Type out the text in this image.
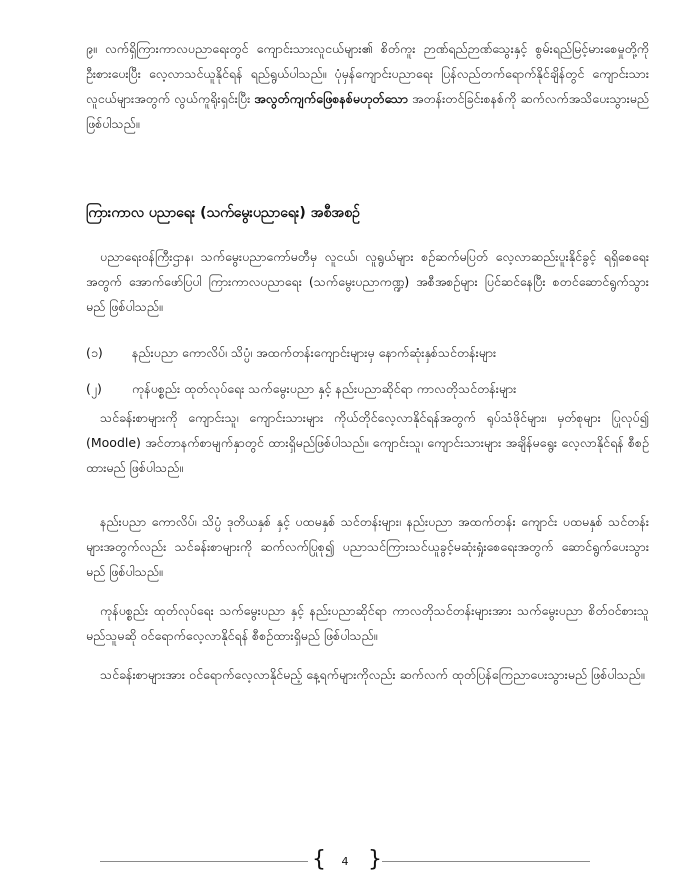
၉။ လက်ရှိကြားကာလပညာရေးတွင် ကျောင်းသားလူငယ်များ၏ စိတ်ကူး ဉာဏ်ရည်ဉာဏ်သွေးနှင့် စွမ်းရည်မြင့်မားစေမှုတို့ကို ဦးစားပေးပြီး လေ့လာသင်ယူနိုင်ရန် ရည်ရွယ်ပါသည်။ ပုံမှန်ကျောင်းပညာရေး ပြန်လည်တက်ရောက်နိုင်ချိန်တွင် ကျောင်းသားလူငယ်များအတွက် လွယ်ကူရိုးရှင်းပြီး အလွတ်ကျက်ဖြေစနစ်မဟုတ်သော အတန်းတင်ခြင်းစနစ်ကို ဆက်လက်အသိပေးသွားမည် ဖြစ်ပါသည်။

ကြားကာလ ပညာရေး (သက်မွေးပညာရေး) အစီအစဉ်

ပညာရေးဝန်ကြီးဌာန၊ သက်မွေးပညာကော်မတီမှ လူငယ်၊ လူရွယ်များ စဉ်ဆက်မပြတ် လေ့လာဆည်းပူးနိုင်ခွင့် ရရှိစေရေးအတွက် အောက်ဖော်ပြပါ ကြားကာလပညာရေး (သက်မွေးပညာကဏ္ဍ) အစီအစဉ်များ ပြင်ဆင်နေပြီး စတင်ဆောင်ရွက်သွားမည် ဖြစ်ပါသည်။

(၁)	နည်းပညာ ကောလိပ်၊ သိပ္ပံ၊ အထက်တန်းကျောင်းများမှ နောက်ဆုံးနှစ်သင်တန်းများ
(၂)	ကုန်ပစ္စည်း ထုတ်လုပ်ရေး သက်မွေးပညာ နှင့် နည်းပညာဆိုင်ရာ ကာလတိုသင်တန်းများ

သင်ခန်းစာများကို ကျောင်းသူ၊ ကျောင်းသားများ ကိုယ်တိုင်လေ့လာနိုင်ရန်အတွက် ရုပ်သံဖိုင်များ၊ မှတ်စုများ ပြုလုပ်၍ (Moodle) အင်တာနက်စာမျက်နှာတွင် ထားရှိမည်ဖြစ်ပါသည်။ ကျောင်းသူ၊ ကျောင်းသားများ အချိန်မရွေး လေ့လာနိုင်ရန် စီစဉ်ထားမည် ဖြစ်ပါသည်။

နည်းပညာ ကောလိပ်၊ သိပ္ပံ ဒုတိယနှစ် နှင့် ပထမနှစ် သင်တန်းများ၊ နည်းပညာ အထက်တန်း ကျောင်း ပထမနှစ် သင်တန်းများအတွက်လည်း သင်ခန်းစာများကို ဆက်လက်ပြုစု၍ ပညာသင်ကြားသင်ယူခွင့်မဆုံးရှုံးစေရေးအတွက် ဆောင်ရွက်ပေးသွားမည် ဖြစ်ပါသည်။

ကုန်ပစ္စည်း ထုတ်လုပ်ရေး သက်မွေးပညာ နှင့် နည်းပညာဆိုင်ရာ ကာလတိုသင်တန်းများအား သက်မွေးပညာ စိတ်ဝင်စားသူ မည်သူမဆို ဝင်ရောက်လေ့လာနိုင်ရန် စီစဉ်ထားရှိမည် ဖြစ်ပါသည်။

သင်ခန်းစာများအား ဝင်ရောက်လေ့လာနိုင်မည့် နေ့ရက်များကိုလည်း ဆက်လက် ထုတ်ပြန်ကြေညာပေးသွားမည် ဖြစ်ပါသည်။

{	4 }
